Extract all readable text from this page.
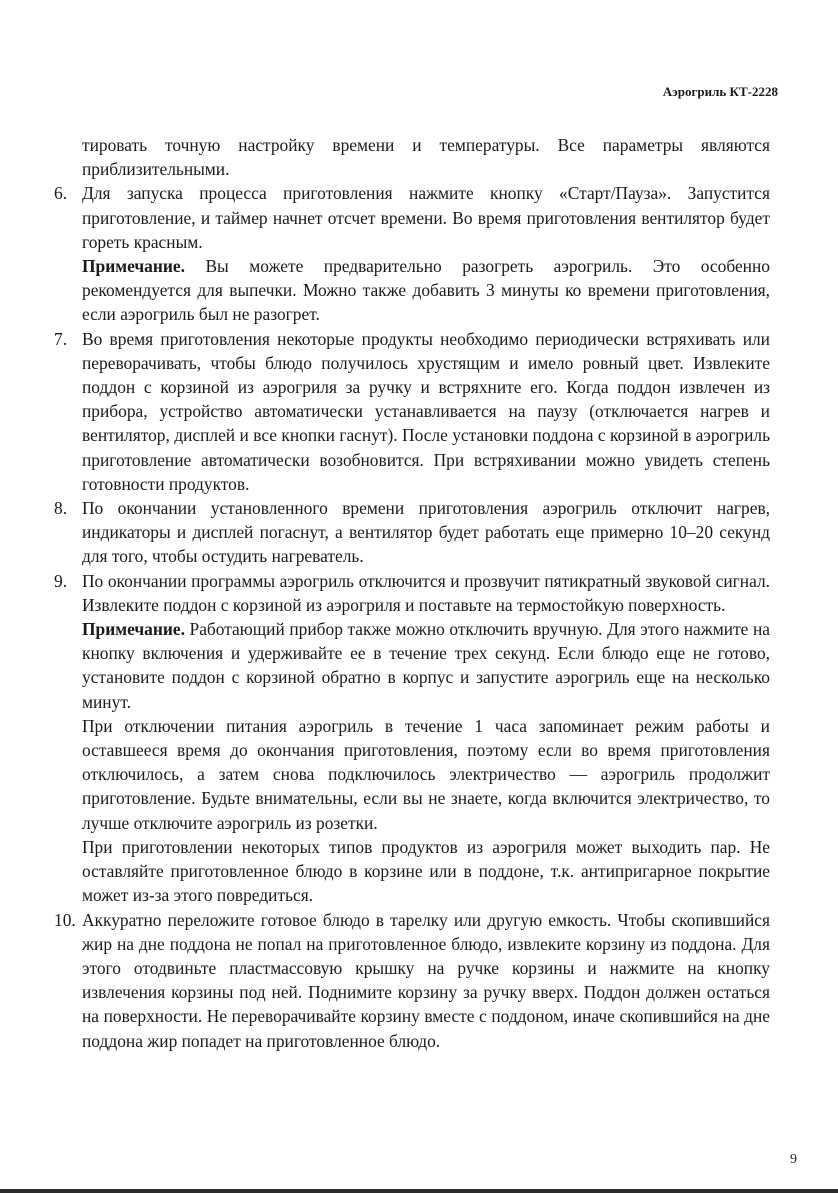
Аэрогриль КТ-2228

тировать точную настройку времени и температуры. Все параметры являются приблизительными.

6. Для запуска процесса приготовления нажмите кнопку «Старт/Пауза». Запустится приготовление, и таймер начнет отсчет времени. Во время приготовления вентилятор будет гореть красным.

Примечание. Вы можете предварительно разогреть аэрогриль. Это особенно рекомендуется для выпечки. Можно также добавить 3 минуты ко времени приготовления, если аэрогриль был не разогрет.

7. Во время приготовления некоторые продукты необходимо периодически встряхивать или переворачивать, чтобы блюдо получилось хрустящим и имело ровный цвет. Извлеките поддон с корзиной из аэрогриля за ручку и встряхните его. Когда поддон извлечен из прибора, устройство автоматически устанавливается на паузу (отключается нагрев и вентилятор, дисплей и все кнопки гаснут). После установки поддона с корзиной в аэрогриль приготовление автоматически возобновится. При встряхивании можно увидеть степень готовности продуктов.

8. По окончании установленного времени приготовления аэрогриль отключит нагрев, индикаторы и дисплей погаснут, а вентилятор будет работать еще примерно 10–20 секунд для того, чтобы остудить нагреватель.

9. По окончании программы аэрогриль отключится и прозвучит пятикратный звуковой сигнал. Извлеките поддон с корзиной из аэрогриля и поставьте на термостойкую поверхность.

Примечание. Работающий прибор также можно отключить вручную. Для этого нажмите на кнопку включения и удерживайте ее в течение трех секунд. Если блюдо еще не готово, установите поддон с корзиной обратно в корпус и запустите аэрогриль еще на несколько минут.

При отключении питания аэрогриль в течение 1 часа запоминает режим работы и оставшееся время до окончания приготовления, поэтому если во время приготовления отключилось, а затем снова подключилось электричество — аэрогриль продолжит приготовление. Будьте внимательны, если вы не знаете, когда включится электричество, то лучше отключите аэрогриль из розетки.

При приготовлении некоторых типов продуктов из аэрогриля может выходить пар. Не оставляйте приготовленное блюдо в корзине или в поддоне, т.к. антипригарное покрытие может из-за этого повредиться.

10. Аккуратно переложите готовое блюдо в тарелку или другую емкость. Чтобы скопившийся жир на дне поддона не попал на приготовленное блюдо, извлеките корзину из поддона. Для этого отодвиньте пластмассовую крышку на ручке корзины и нажмите на кнопку извлечения корзины под ней. Поднимите корзину за ручку вверх. Поддон должен остаться на поверхности. Не переворачивайте корзину вместе с поддоном, иначе скопившийся на дне поддона жир попадет на приготовленное блюдо.

9
